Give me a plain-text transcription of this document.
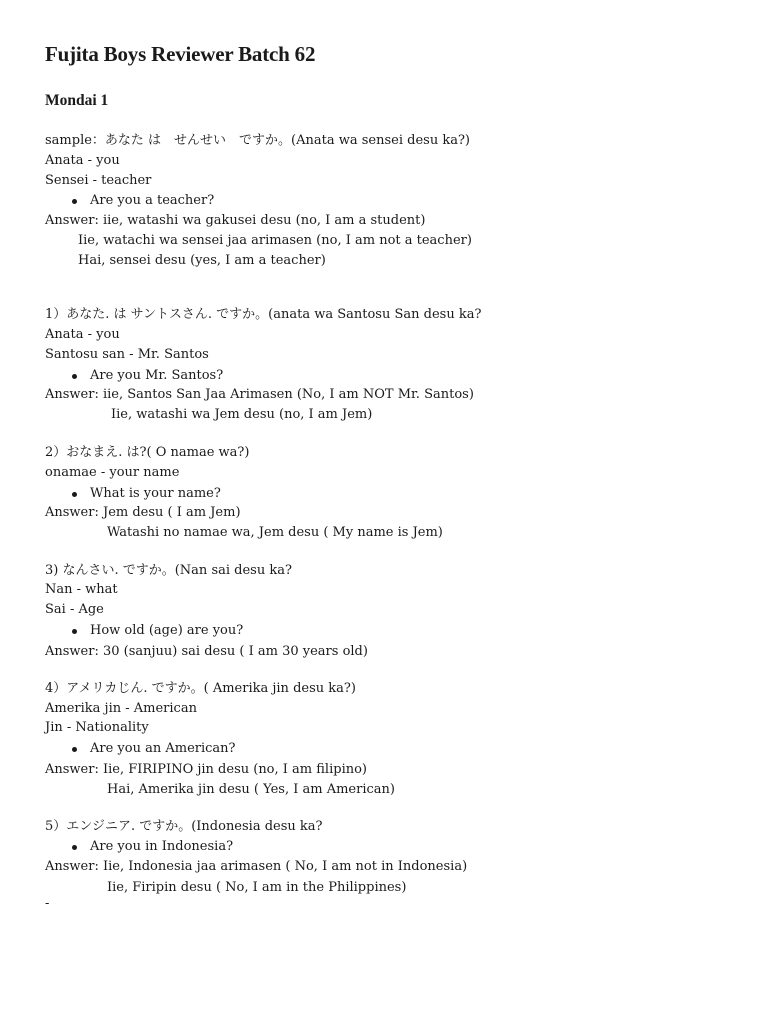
Fujita Boys Reviewer Batch 62
Mondai 1
sample：あなた は　せんせい　ですか。(Anata wa sensei desu ka?)
Anata - you
Sensei - teacher
Are you a teacher?
Answer: iie, watashi wa gakusei desu (no, I am a student)
Iie, watachi wa sensei jaa arimasen (no, I am not a teacher)
Hai, sensei desu (yes, I am a teacher)
1）あなた. は サントスさん. ですか。(anata wa Santosu San desu ka?
Anata - you
Santosu san - Mr. Santos
Are you Mr. Santos?
Answer: iie, Santos San Jaa Arimasen (No, I am NOT Mr. Santos)
Iie, watashi wa Jem desu (no, I am Jem)
2）おなまえ. は?( O namae wa?)
onamae - your name
What is your name?
Answer: Jem desu ( I am Jem)
Watashi no namae wa, Jem desu ( My name is Jem)
3) なんさい. ですか。(Nan sai desu ka?
Nan - what
Sai - Age
How old (age) are you?
Answer: 30 (sanjuu) sai desu ( I am 30 years old)
4）アメリカじん. ですか。( Amerika jin desu ka?)
Amerika jin - American
Jin - Nationality
Are you an American?
Answer: Iie, FIRIPINO jin desu (no, I am filipino)
Hai, Amerika jin desu ( Yes, I am American)
5）エンジニア. ですか。(Indonesia desu ka?
Are you in Indonesia?
Answer: Iie, Indonesia jaa arimasen ( No, I am not in Indonesia)
Iie, Firipin desu ( No, I am in the Philippines)
-
